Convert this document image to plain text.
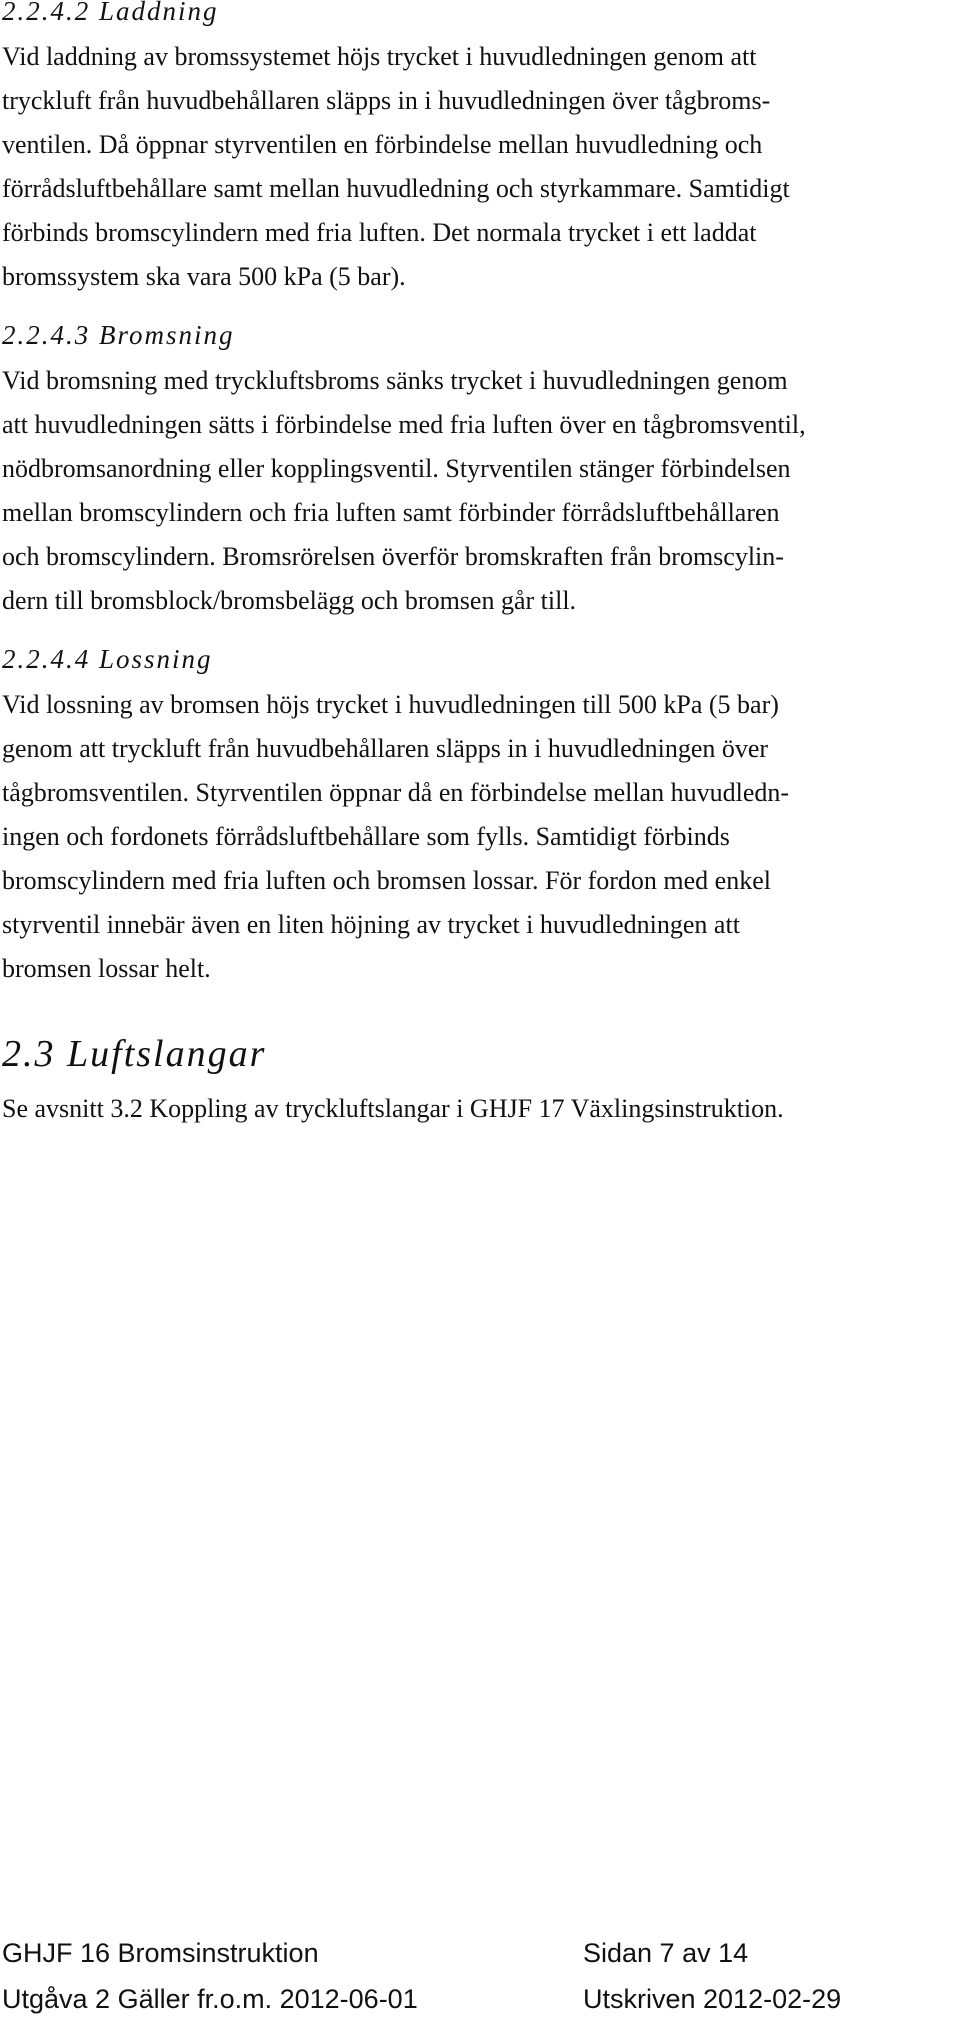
2.2.4.2 Laddning

Vid laddning av bromssystemet höjs trycket i huvudledningen genom att

tryckluft från huvudbehållaren släpps in i huvudledningen över tågbroms-

ventilen. Då öppnar styrventilen en förbindelse mellan huvudledning och

förrådsluftbehållare samt mellan huvudledning och styrkammare. Samtidigt

förbinds bromscylindern med fria luften. Det normala trycket i ett laddat

bromssystem ska vara 500 kPa (5 bar).

2.2.4.3 Bromsning

Vid bromsning med tryckluftsbroms sänks trycket i huvudledningen genom

att huvudledningen sätts i förbindelse med fria luften över en tågbromsventil,

nödbromsanordning eller kopplingsventil. Styrventilen stänger förbindelsen

mellan bromscylindern och fria luften samt förbinder förrådsluftbehållaren

och bromscylindern. Bromsrörelsen överför bromskraften från bromscylin-

dern till bromsblock/bromsbelägg och bromsen går till.

2.2.4.4 Lossning

Vid lossning av bromsen höjs trycket i huvudledningen till 500 kPa (5 bar)

genom att tryckluft från huvudbehållaren släpps in i huvudledningen över

tågbromsventilen. Styrventilen öppnar då en förbindelse mellan huvudledn-

ingen och fordonets förrådsluftbehållare som fylls. Samtidigt förbinds

bromscylindern med fria luften och bromsen lossar. För fordon med enkel

styrventil innebär även en liten höjning av trycket i huvudledningen att

bromsen lossar helt.

2.3 Luftslangar

Se avsnitt 3.2 Koppling av tryckluftslangar i GHJF 17 Växlingsinstruktion.

GHJF 16 Bromsinstruktion	Sidan 7 av 14

Utgåva 2 Gäller fr.o.m. 2012-06-01	Utskriven 2012-02-29
